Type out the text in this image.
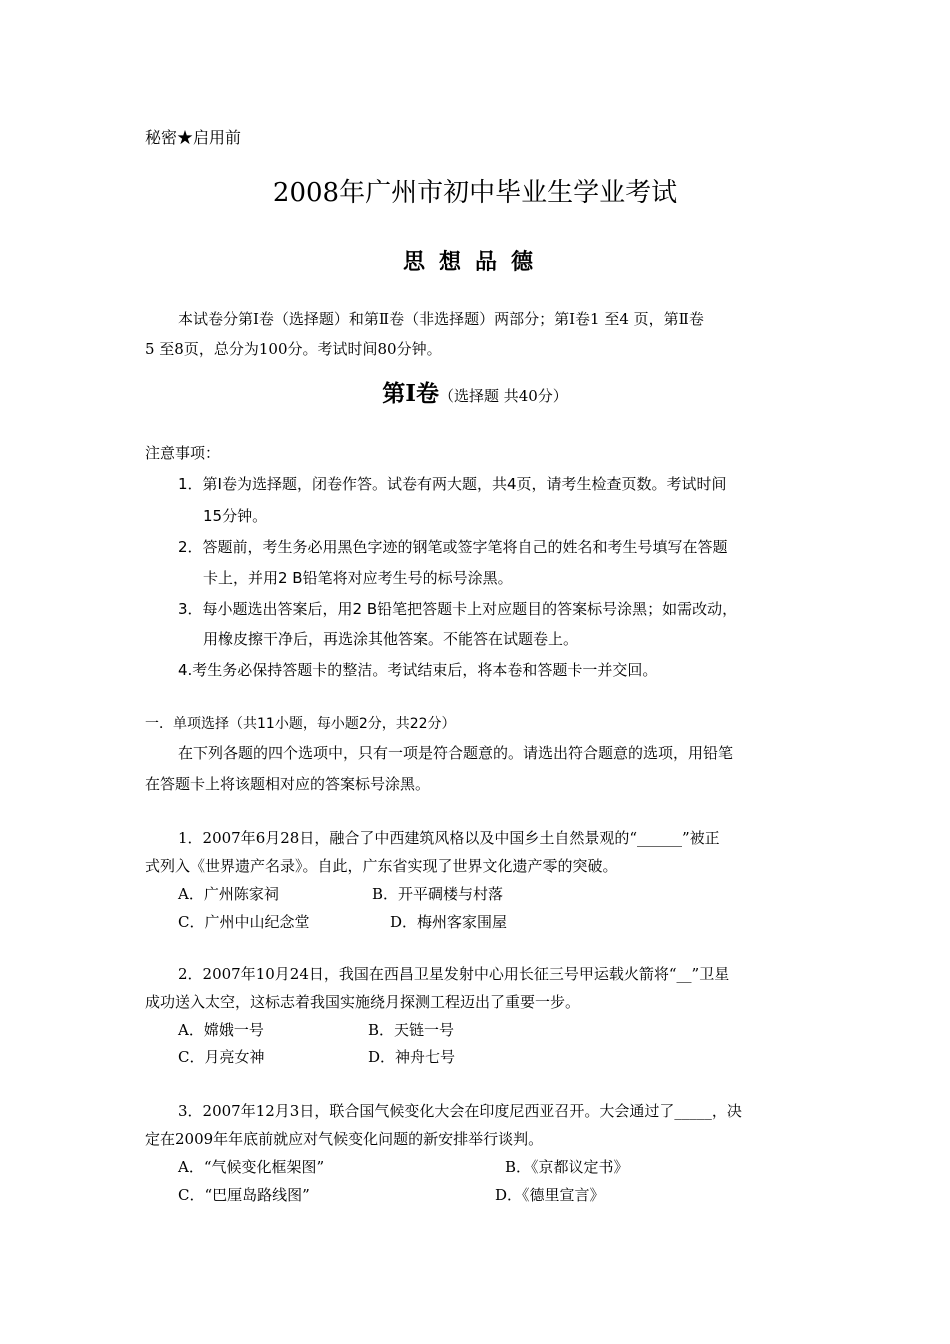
秘密★启用前
2008年广州市初中毕业生学业考试
思想品德
本试卷分第Ⅰ卷（选择题）和第Ⅱ卷（非选择题）两部分；第Ⅰ卷1 至4 页，第Ⅱ卷
5 至8页，总分为100分。考试时间80分钟。
第Ⅰ卷（选择题 共40分）
注意事项：
1．第Ⅰ卷为选择题，闭卷作答。试卷有两大题，共4页，请考生检查页数。考试时间
15分钟。
2．答题前，考生务必用黑色字迹的钢笔或签字笔将自己的姓名和考生号填写在答题
卡上，并用2 B铅笔将对应考生号的标号涂黑。
3．每小题选出答案后，用2 B铅笔把答题卡上对应题目的答案标号涂黑；如需改动，
用橡皮擦干净后，再选涂其他答案。不能答在试题卷上。
4.考生务必保持答题卡的整洁。考试结束后，将本卷和答题卡一并交回。
一．单项选择（共11小题，每小题2分，共22分）
在下列各题的四个选项中，只有一项是符合题意的。请选出符合题意的选项，用铅笔
在答题卡上将该题相对应的答案标号涂黑。
1．2007年6月28日，融合了中西建筑风格以及中国乡土自然景观的“______”被正
式列入《世界遗产名录》。自此，广东省实现了世界文化遗产零的突破。
A．广州陈家祠	B．开平碉楼与村落
C．广州中山纪念堂	D．梅州客家围屋
2．2007年10月24日，我国在西昌卫星发射中心用长征三号甲运载火箭将“__”卫星
成功送入太空，这标志着我国实施绕月探测工程迈出了重要一步。
A．嫦娥一号	B．天链一号
C．月亮女神	D．神舟七号
3．2007年12月3日，联合国气候变化大会在印度尼西亚召开。大会通过了_____，决
定在2009年年底前就应对气候变化问题的新安排举行谈判。
A．“气候变化框架图”	B．《京都议定书》
C．“巴厘岛路线图”	D．《德里宣言》
